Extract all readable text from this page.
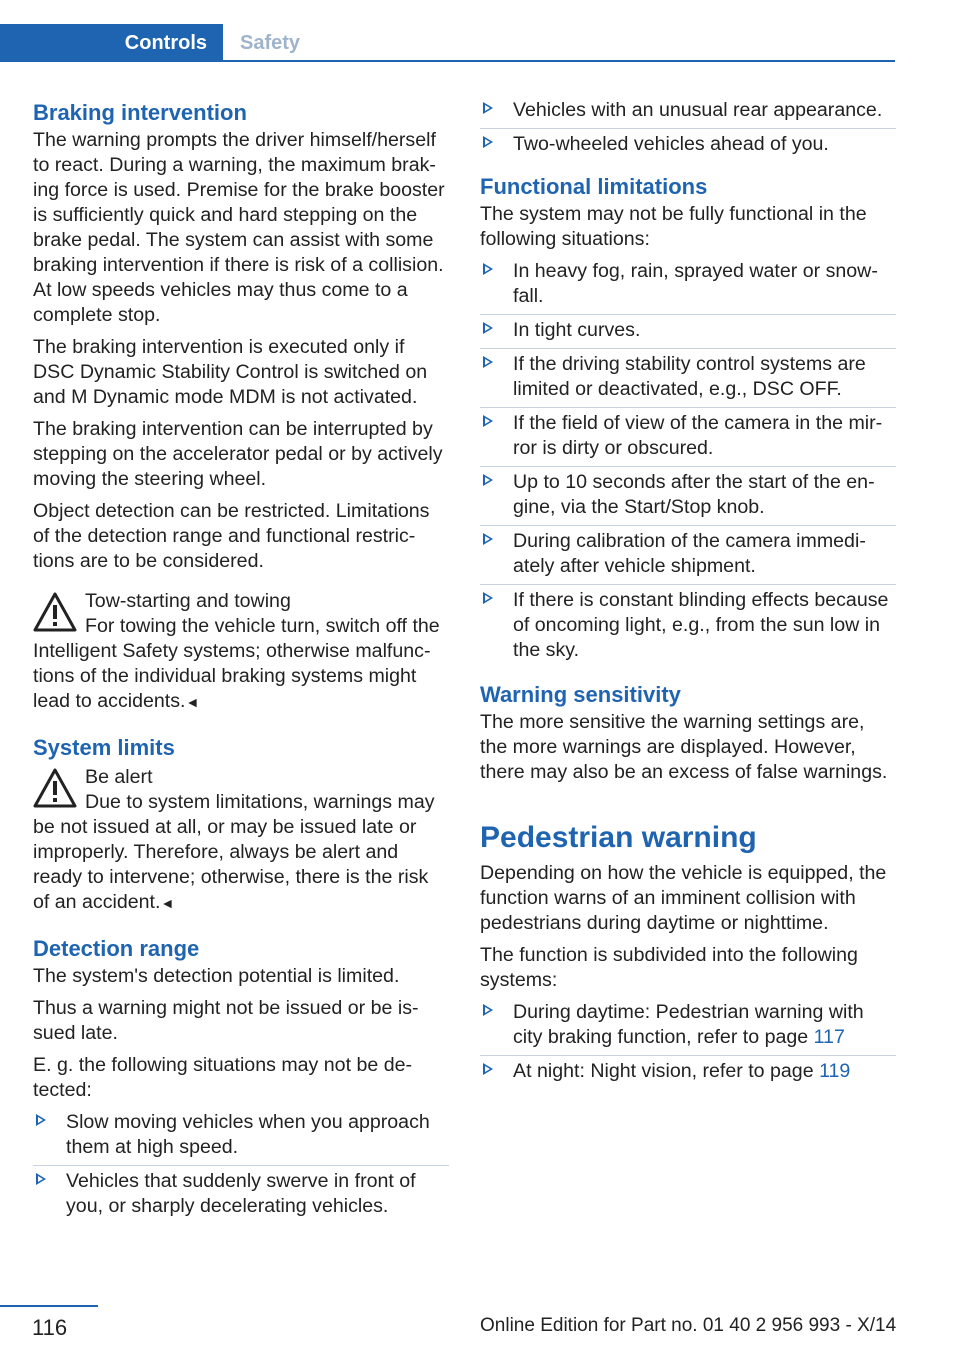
Controls	Safety
Braking intervention

The warning prompts the driver himself/herself to react. During a warning, the maximum braking force is used. Premise for the brake booster is sufficiently quick and hard stepping on the brake pedal. The system can assist with some braking intervention if there is risk of a collision. At low speeds vehicles may thus come to a complete stop.

The braking intervention is executed only if DSC Dynamic Stability Control is switched on and M Dynamic mode MDM is not activated.

The braking intervention can be interrupted by stepping on the accelerator pedal or by actively moving the steering wheel.

Object detection can be restricted. Limitations of the detection range and functional restrictions are to be considered.

Tow-starting and towing
For towing the vehicle turn, switch off the Intelligent Safety systems; otherwise malfunctions of the individual braking systems might lead to accidents.◄
System limits
Be alert
Due to system limitations, warnings may be not issued at all, or may be issued late or improperly. Therefore, always be alert and ready to intervene; otherwise, there is the risk of an accident.◄
Detection range

The system's detection potential is limited.

Thus a warning might not be issued or be issued late.

E. g. the following situations may not be detected:

Slow moving vehicles when you approach them at high speed.
Vehicles that suddenly swerve in front of you, or sharply decelerating vehicles.
Vehicles with an unusual rear appearance.
Two-wheeled vehicles ahead of you.
Functional limitations

The system may not be fully functional in the following situations:

In heavy fog, rain, sprayed water or snowfall.
In tight curves.
If the driving stability control systems are limited or deactivated, e.g., DSC OFF.
If the field of view of the camera in the mirror is dirty or obscured.
Up to 10 seconds after the start of the engine, via the Start/Stop knob.
During calibration of the camera immediately after vehicle shipment.
If there is constant blinding effects because of oncoming light, e.g., from the sun low in the sky.
Warning sensitivity

The more sensitive the warning settings are, the more warnings are displayed. However, there may also be an excess of false warnings.

Pedestrian warning

Depending on how the vehicle is equipped, the function warns of an imminent collision with pedestrians during daytime or nighttime.

The function is subdivided into the following systems:

During daytime: Pedestrian warning with city braking function, refer to page 117
At night: Night vision, refer to page 119
116	Online Edition for Part no. 01 40 2 956 993 - X/14
